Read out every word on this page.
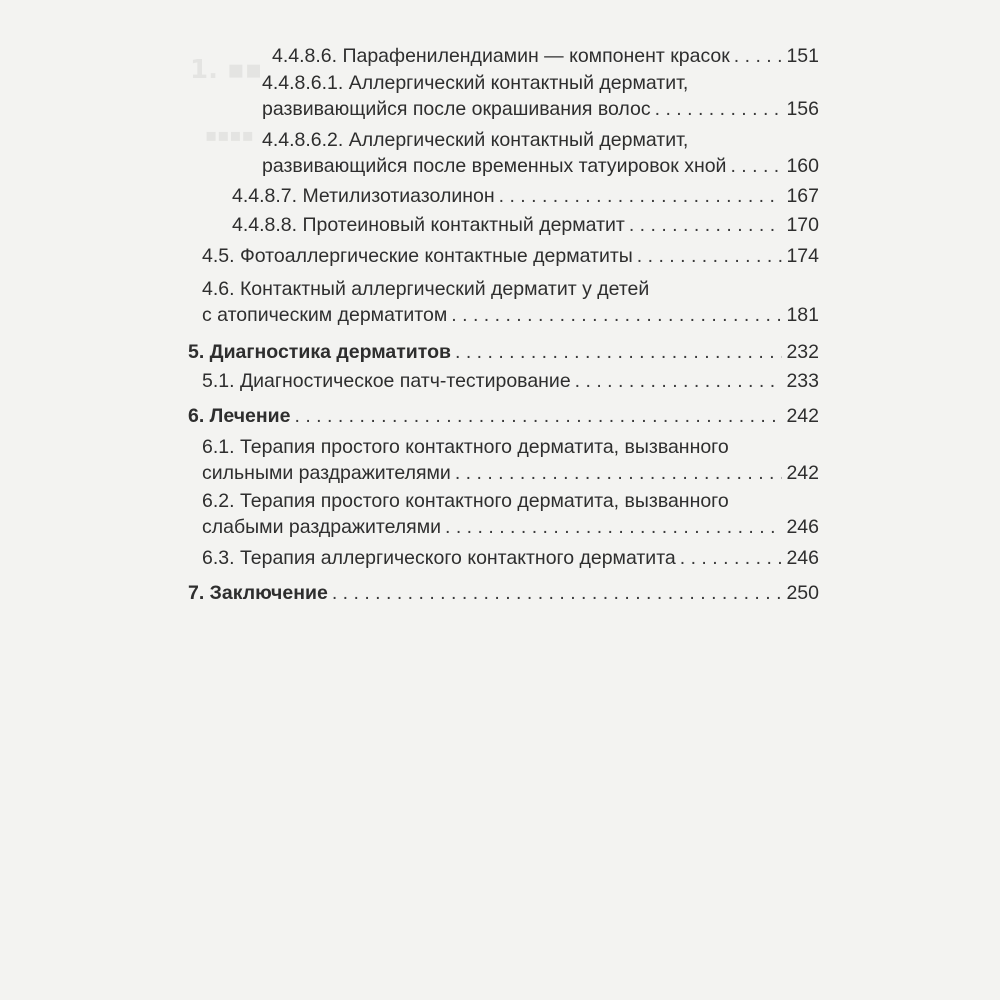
1. ▪▪
▪▪▪▪
4.4.8.6. Парафенилендиамин — компонент красок . . .	151
4.4.8.6.1. Аллергический контактный дерматит,
развивающийся после окрашивания волос . . .	156
4.4.8.6.2. Аллергический контактный дерматит,
развивающийся после временных татуировок хной . . .	160
4.4.8.7. Метилизотиазолинон . . .	167
4.4.8.8. Протеиновый контактный дерматит . . .	170
4.5. Фотоаллергические контактные дерматиты . . .	174
4.6. Контактный аллергический дерматит у детей
с атопическим дерматитом . . .	181
5. Диагностика дерматитов . . .	232
5.1. Диагностическое патч-тестирование . . .	233
6. Лечение . . .	242
6.1. Терапия простого контактного дерматита, вызванного
сильными раздражителями . . .	242
6.2. Терапия простого контактного дерматита, вызванного
слабыми раздражителями . . .	246
6.3. Терапия аллергического контактного дерматита . . .	246
7. Заключение . . .	250
